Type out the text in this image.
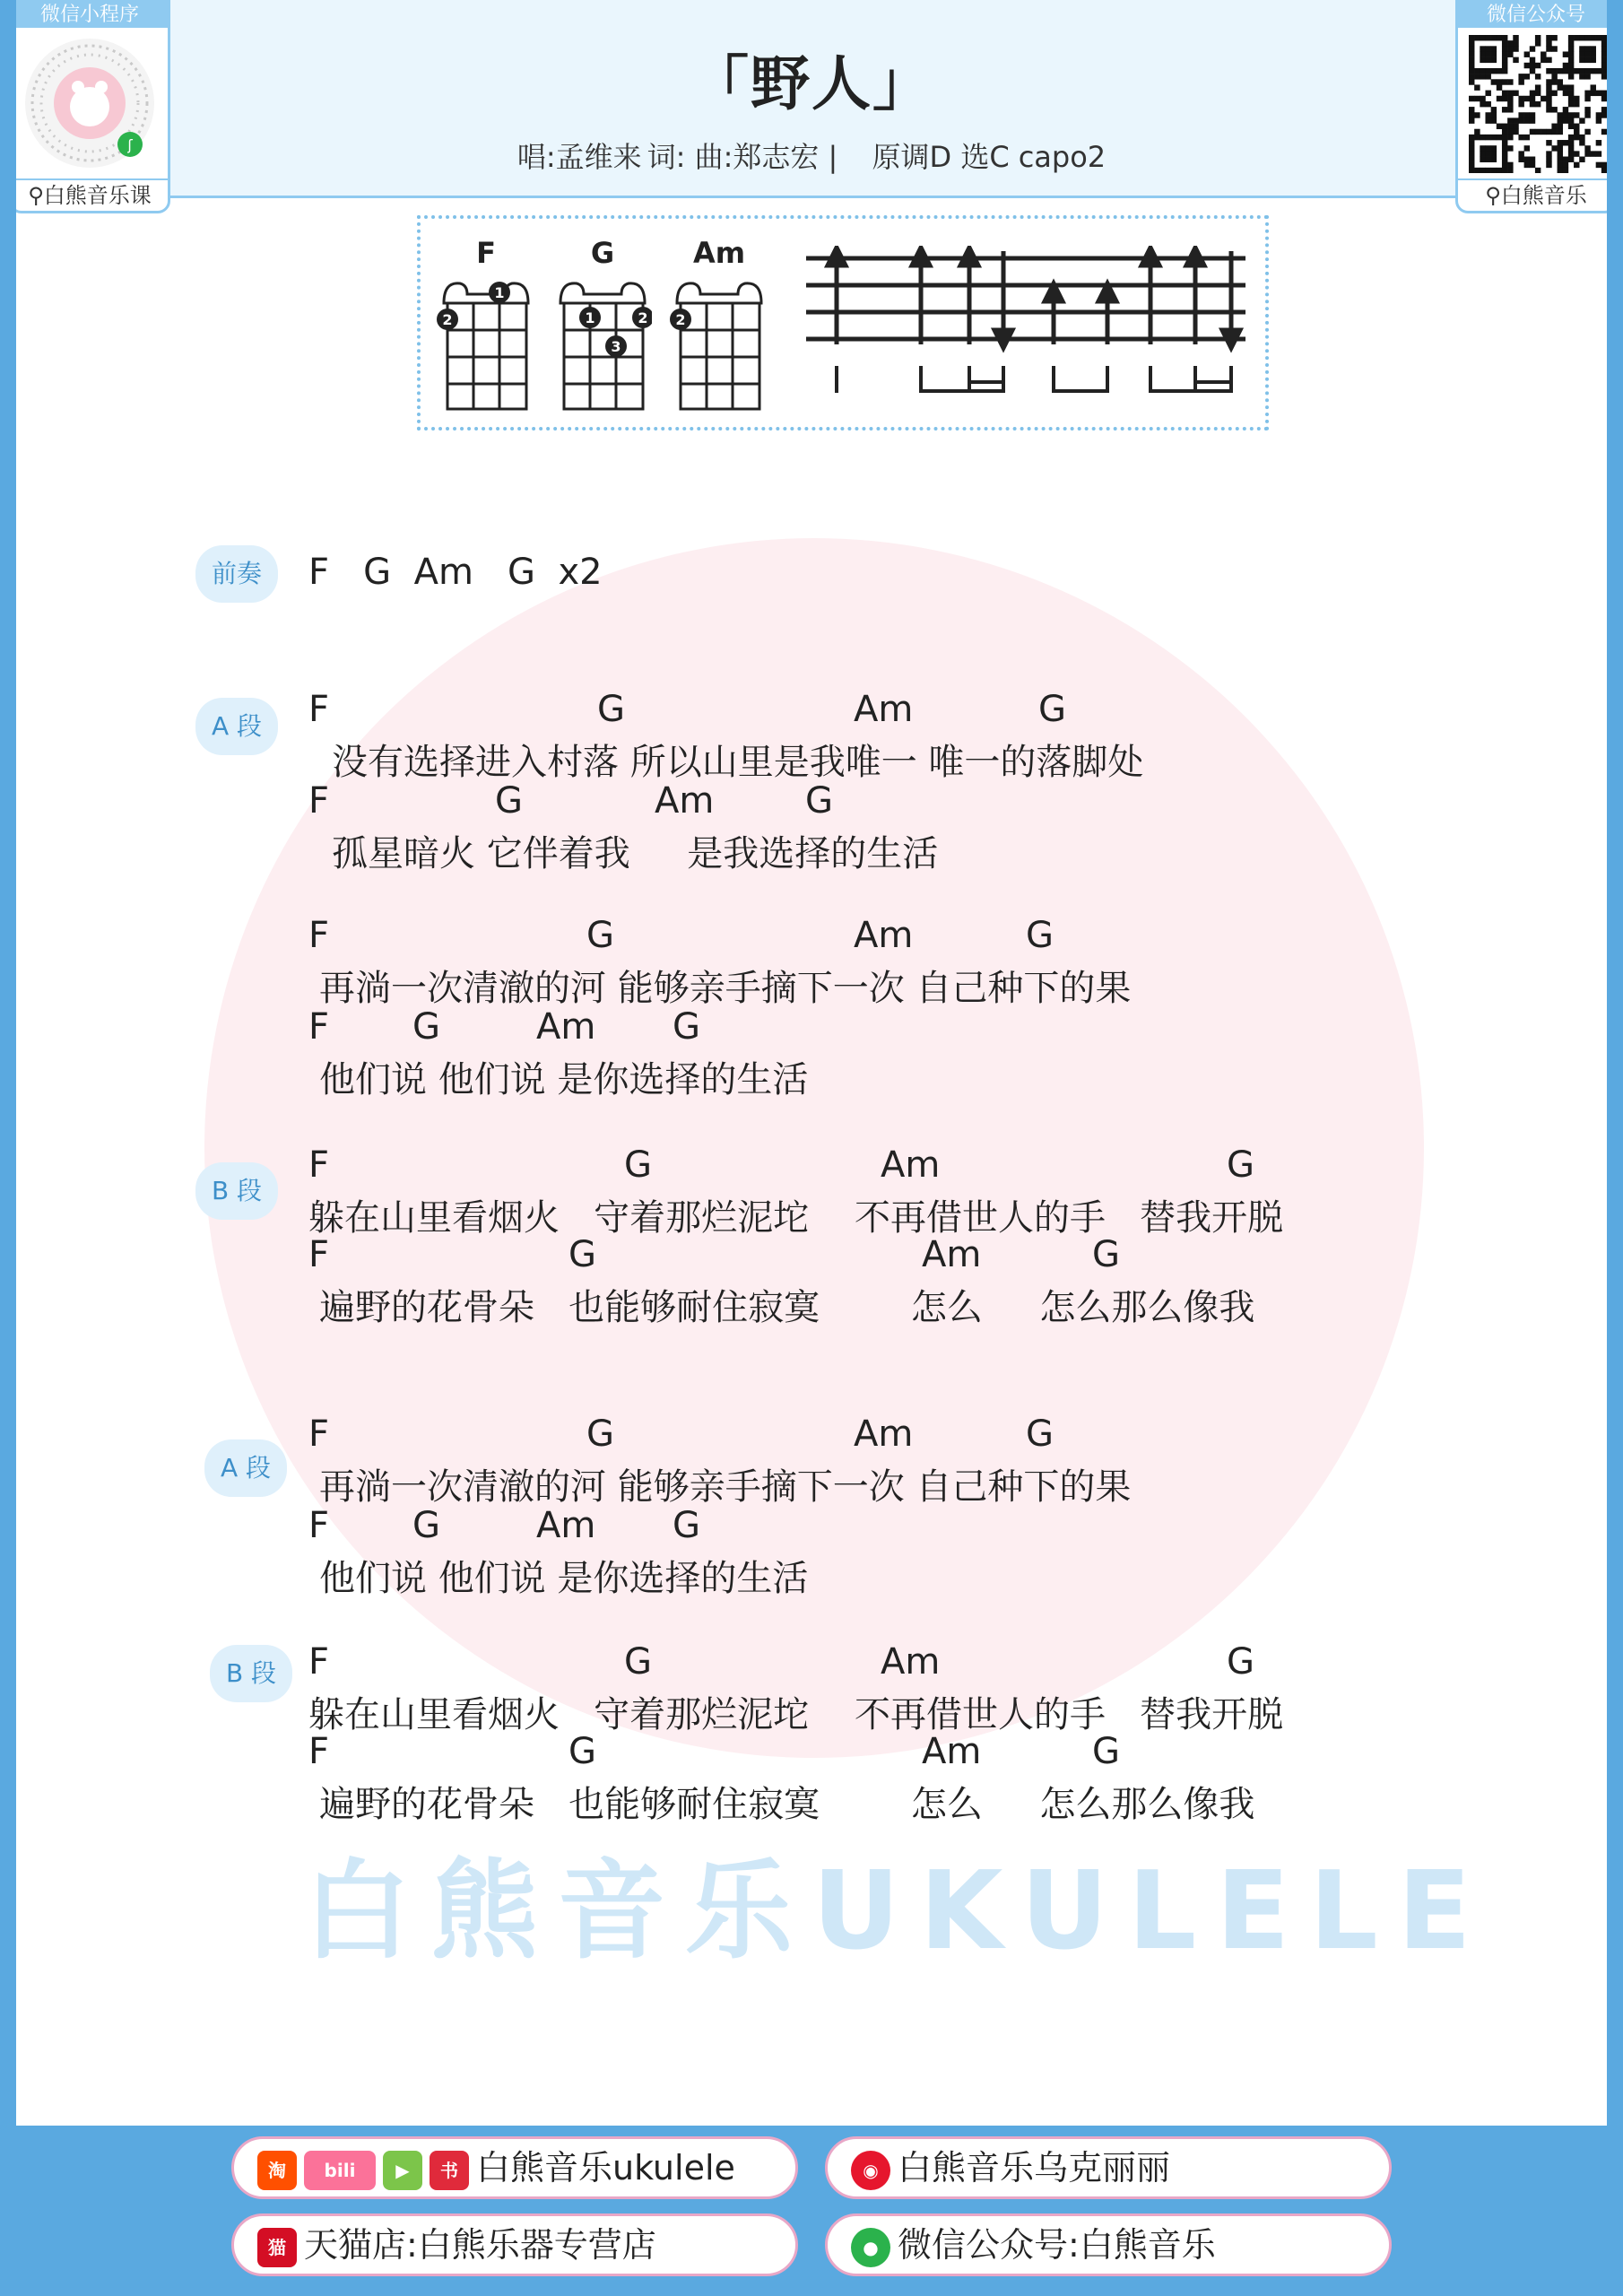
白熊音乐UKULELE
「野人」
唱:孟维来 词: 曲:郑志宏 | 原调D 选C capo2
微信小程序
ʃ
⚲白熊音乐课
微信公众号
⚲白熊音乐
F
1
2
G
1	2
3
Am
2
前奏	F   G  Am   G  x2
A 段

	F

	G

	Am

	G

没有选择进入村落 所以山里是我唯一 唯一的落脚处

F

	G

	Am

	G

孤星暗火 它伴着我     是我选择的生活

F

	G

	Am

	G

再淌一次清澈的河 能够亲手摘下一次 自己种下的果

F

G

	Am

G

他们说 他们说 是你选择的生活
B 段

F

	G

	Am

	G

躲在山里看烟火   守着那烂泥坨    不再借世人的手   替我开脱

F

	G

	Am

	G

遍野的花骨朵   也能够耐住寂寞        怎么     怎么那么像我
A 段

F

	G

	Am

	G

再淌一次清澈的河 能够亲手摘下一次 自己种下的果

F

G

	Am

G

他们说 他们说 是你选择的生活
B 段

F

	G

	Am

	G

躲在山里看烟火   守着那烂泥坨    不再借世人的手   替我开脱

F

	G

	Am

	G

遍野的花骨朵   也能够耐住寂寞        怎么     怎么那么像我
淘 bili ▶ 书 白熊音乐ukulele	◉ 白熊音乐乌克丽丽
猫 天猫店:白熊乐器专营店	● 微信公众号:白熊音乐
